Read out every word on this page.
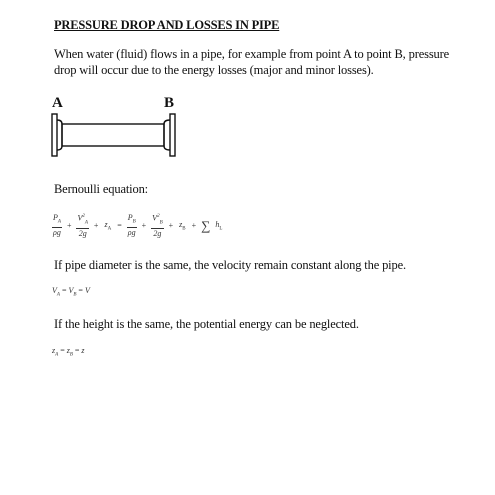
PRESSURE DROP AND LOSSES IN PIPE
When water (fluid) flows in a pipe, for example from point A to point B, pressure drop will occur due to the energy losses (major and minor losses).
A	B
Bernoulli equation:
$\frac{P_A}{\rho g} + \frac{V^2_A}{2g} + z_A = \frac{P_B}{\rho g} + \frac{V^2_B}{2g} + z_B$ + ∑ $h_L$
If pipe diameter is the same, the velocity remain constant along the pipe.
$V_A = V_B = V$
If the height is the same, the potential energy can be neglected.
$z_A = z_B = z$
